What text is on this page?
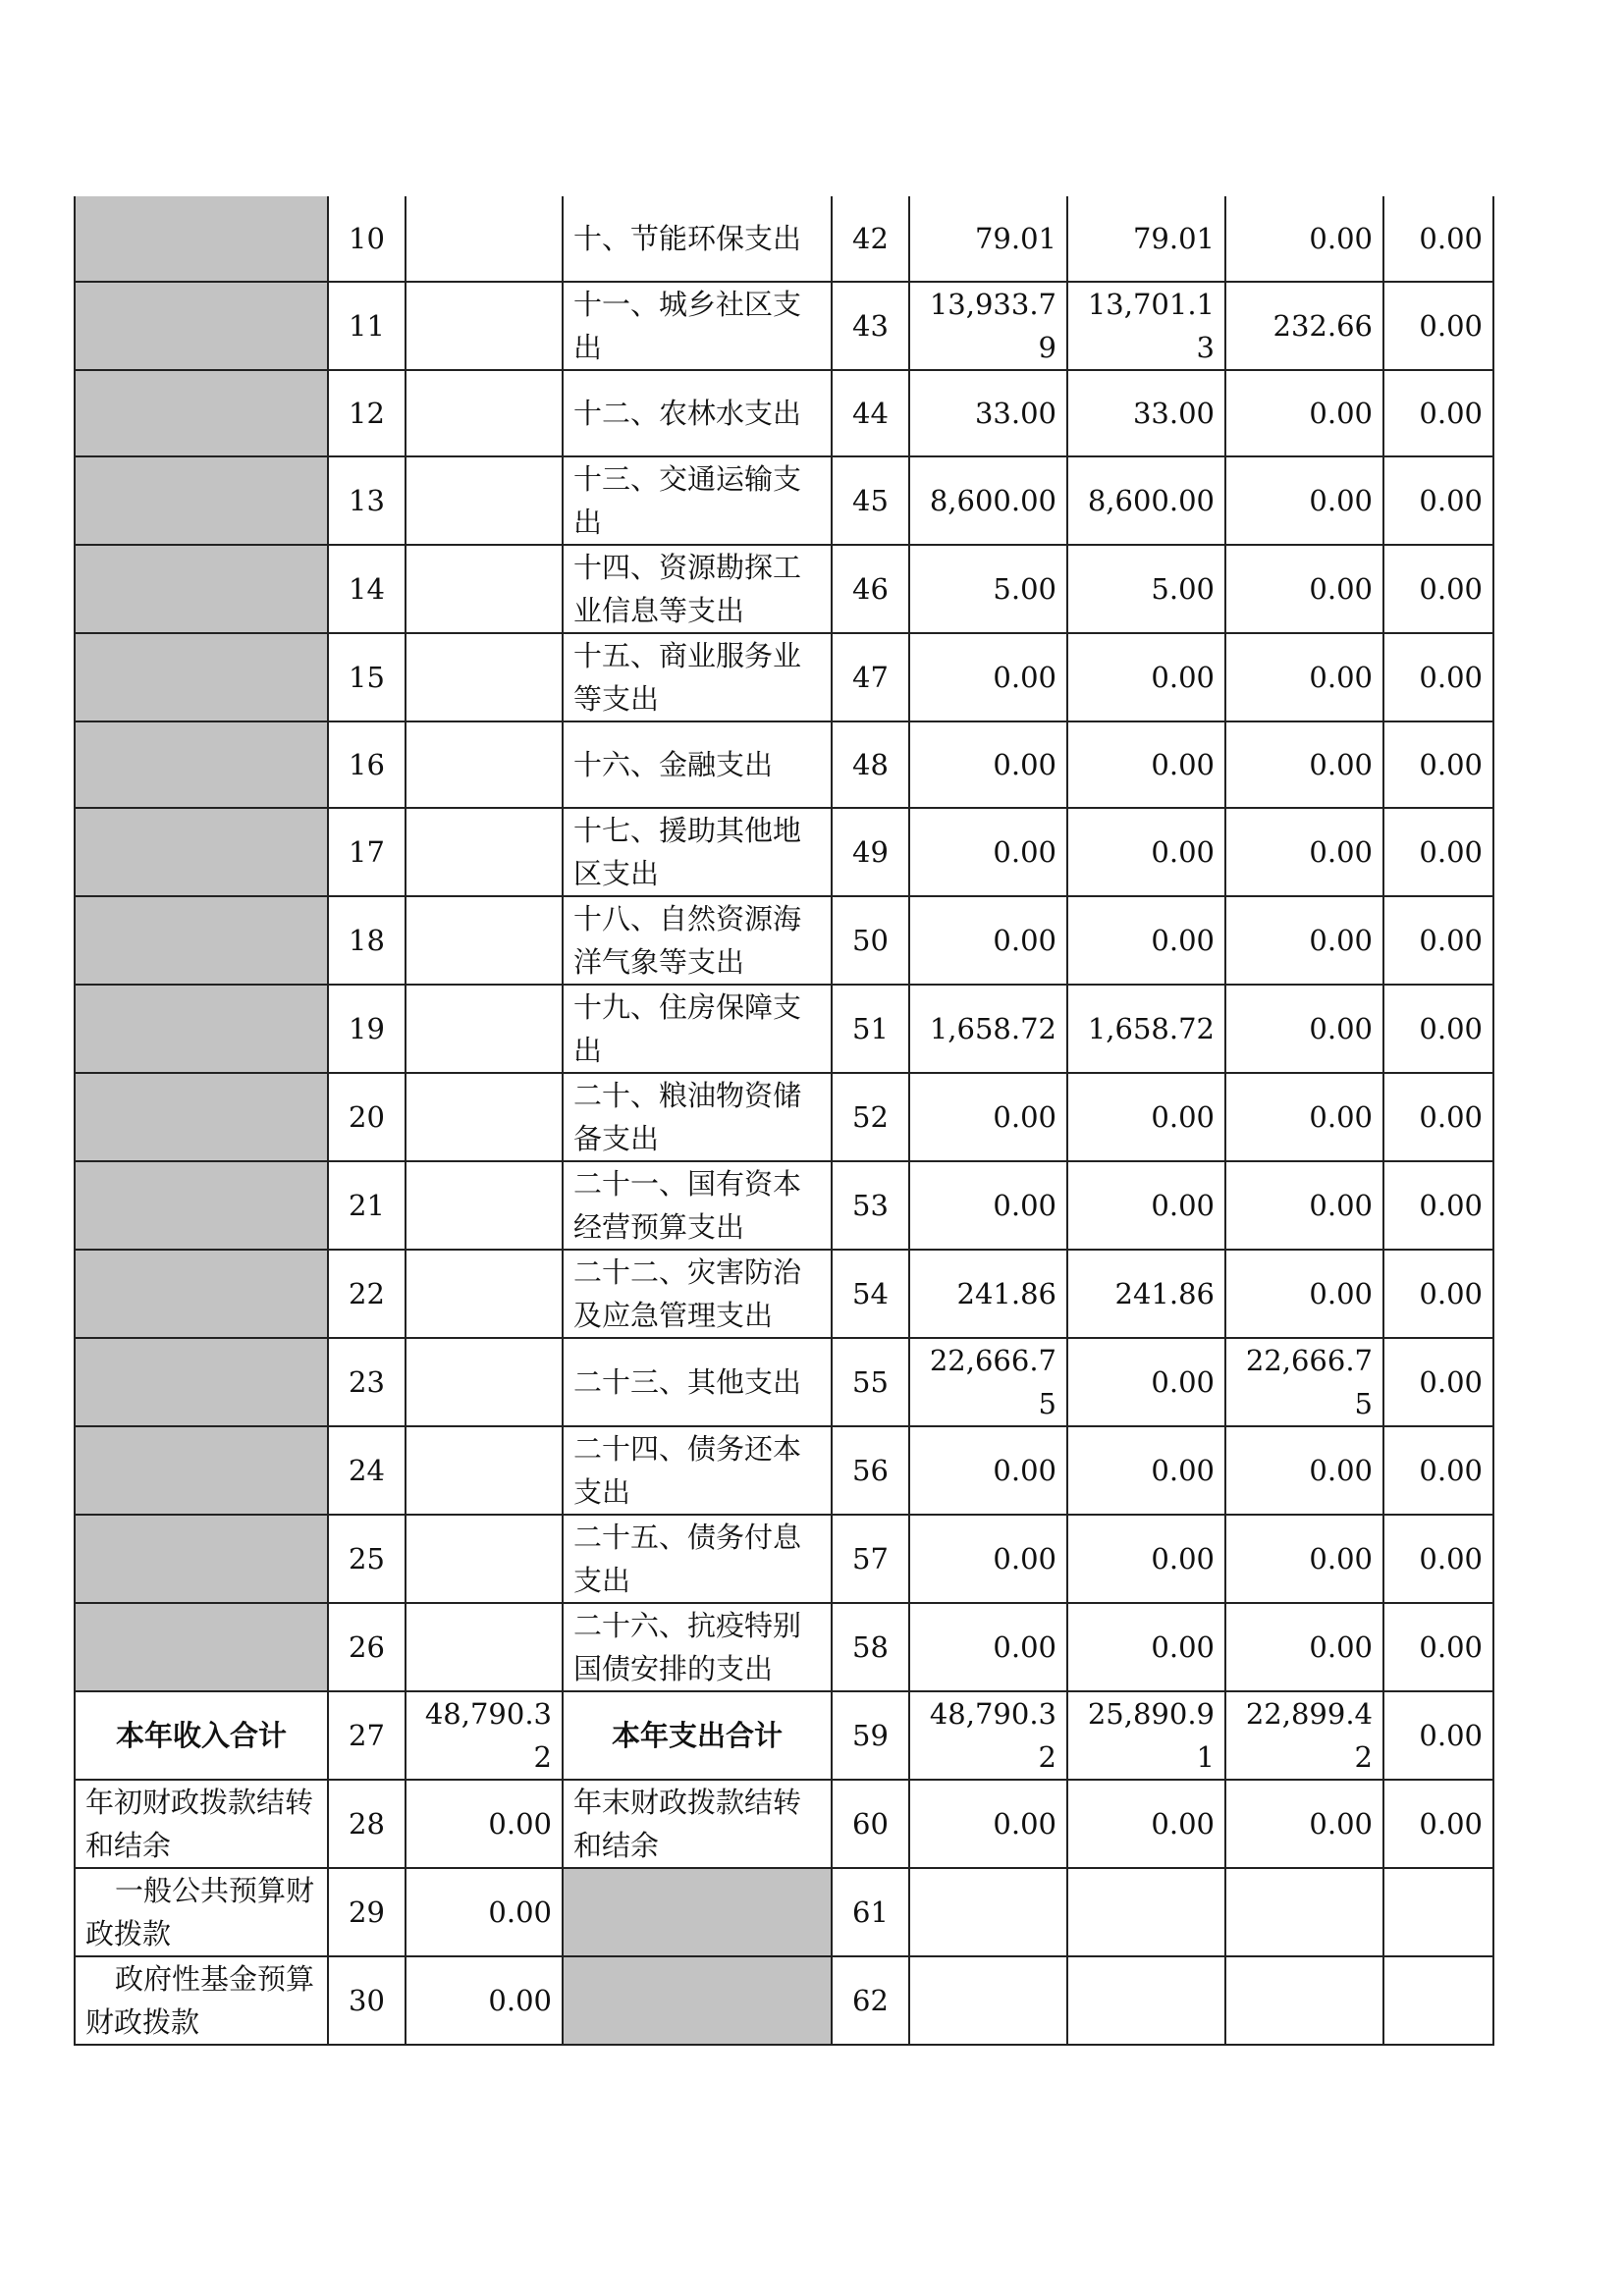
	10		十、节能环保支出	42	79.01	79.01	0.00	0.00
	11		十一、城乡社区支出	43	13,933.79	13,701.13	232.66	0.00
	12		十二、农林水支出	44	33.00	33.00	0.00	0.00
	13		十三、交通运输支出	45	8,600.00	8,600.00	0.00	0.00
	14		十四、资源勘探工业信息等支出	46	5.00	5.00	0.00	0.00
	15		十五、商业服务业等支出	47	0.00	0.00	0.00	0.00
	16		十六、金融支出	48	0.00	0.00	0.00	0.00
	17		十七、援助其他地区支出	49	0.00	0.00	0.00	0.00
	18		十八、自然资源海洋气象等支出	50	0.00	0.00	0.00	0.00
	19		十九、住房保障支出	51	1,658.72	1,658.72	0.00	0.00
	20		二十、粮油物资储备支出	52	0.00	0.00	0.00	0.00
	21		二十一、国有资本经营预算支出	53	0.00	0.00	0.00	0.00
	22		二十二、灾害防治及应急管理支出	54	241.86	241.86	0.00	0.00
	23		二十三、其他支出	55	22,666.75	0.00	22,666.75	0.00
	24		二十四、债务还本支出	56	0.00	0.00	0.00	0.00
	25		二十五、债务付息支出	57	0.00	0.00	0.00	0.00
	26		二十六、抗疫特别国债安排的支出	58	0.00	0.00	0.00	0.00
本年收入合计	27	48,790.32	本年支出合计	59	48,790.32	25,890.91	22,899.42	0.00
年初财政拨款结转和结余	28	0.00	年末财政拨款结转和结余	60	0.00	0.00	0.00	0.00
一般公共预算财政拨款	29	0.00		61				
政府性基金预算财政拨款	30	0.00		62				
